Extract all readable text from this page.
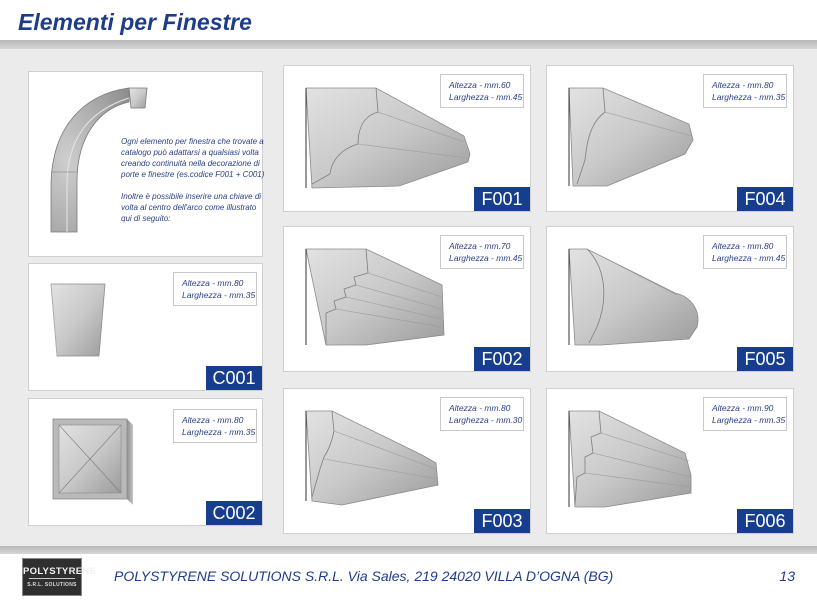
Elementi per Finestre

Ogni elemento per finestra che trovate a catalogo può adattarsi a qualsiasi volta creando continuità nella decorazione di porte e finestre (es.codice F001 + C001)

Inoltre è possibile inserire una chiave di volta al centro dell'arco come illustrato qui di seguito:

Altezza - mm.80
Larghezza - mm.35
C001
Altezza - mm.80
Larghezza - mm.35
C002
Altezza - mm.60
Larghezza - mm.45
F001
Altezza - mm.80
Larghezza - mm.35
F004
Altezza - mm.70
Larghezza - mm.45
F002
Altezza - mm.80
Larghezza - mm.45
F005
Altezza - mm.80
Larghezza - mm.30
F003
Altezza - mm.90
Larghezza - mm.35
F006
POLYSTYRENE
S.R.L. SOLUTIONS
POLYSTYRENE SOLUTIONS S.R.L. Via Sales, 219 24020 VILLA D’OGNA (BG)	13
